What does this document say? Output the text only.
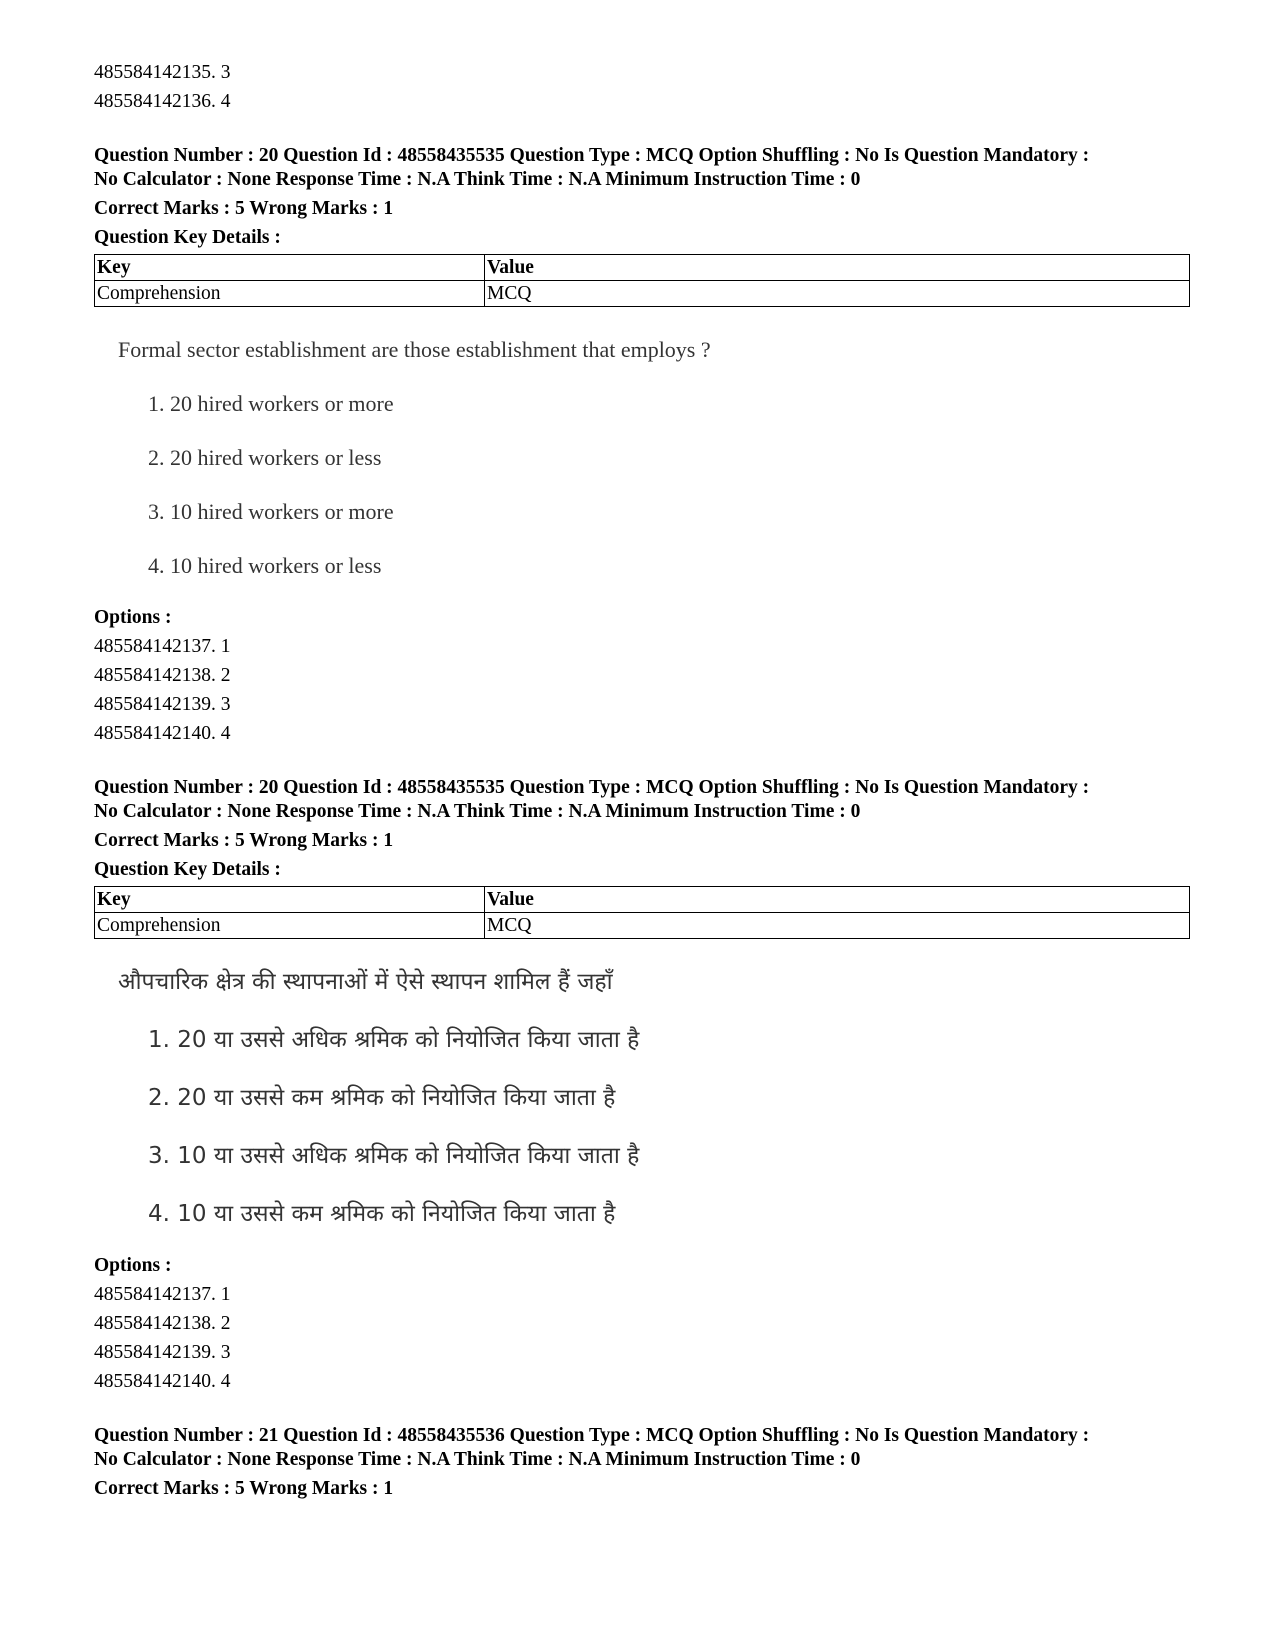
485584142135. 3
485584142136. 4
Question Number : 20 Question Id : 48558435535 Question Type : MCQ Option Shuffling : No Is Question Mandatory :
No Calculator : None Response Time : N.A Think Time : N.A Minimum Instruction Time : 0
Correct Marks : 5 Wrong Marks : 1
Question Key Details :
Key	Value
Comprehension	MCQ
Formal sector establishment are those establishment that employs ?
1. 20 hired workers or more
2. 20 hired workers or less
3. 10 hired workers or more
4. 10 hired workers or less
Options :
485584142137. 1
485584142138. 2
485584142139. 3
485584142140. 4
Question Number : 20 Question Id : 48558435535 Question Type : MCQ Option Shuffling : No Is Question Mandatory :
No Calculator : None Response Time : N.A Think Time : N.A Minimum Instruction Time : 0
Correct Marks : 5 Wrong Marks : 1
Question Key Details :
Key	Value
Comprehension	MCQ
औपचारिक क्षेत्र की स्थापनाओं में ऐसे स्थापन शामिल हैं जहाँ
1. 20 या उससे अधिक श्रमिक को नियोजित किया जाता है
2. 20 या उससे कम श्रमिक को नियोजित किया जाता है
3. 10 या उससे अधिक श्रमिक को नियोजित किया जाता है
4. 10 या उससे कम श्रमिक को नियोजित किया जाता है
Options :
485584142137. 1
485584142138. 2
485584142139. 3
485584142140. 4
Question Number : 21 Question Id : 48558435536 Question Type : MCQ Option Shuffling : No Is Question Mandatory :
No Calculator : None Response Time : N.A Think Time : N.A Minimum Instruction Time : 0
Correct Marks : 5 Wrong Marks : 1
